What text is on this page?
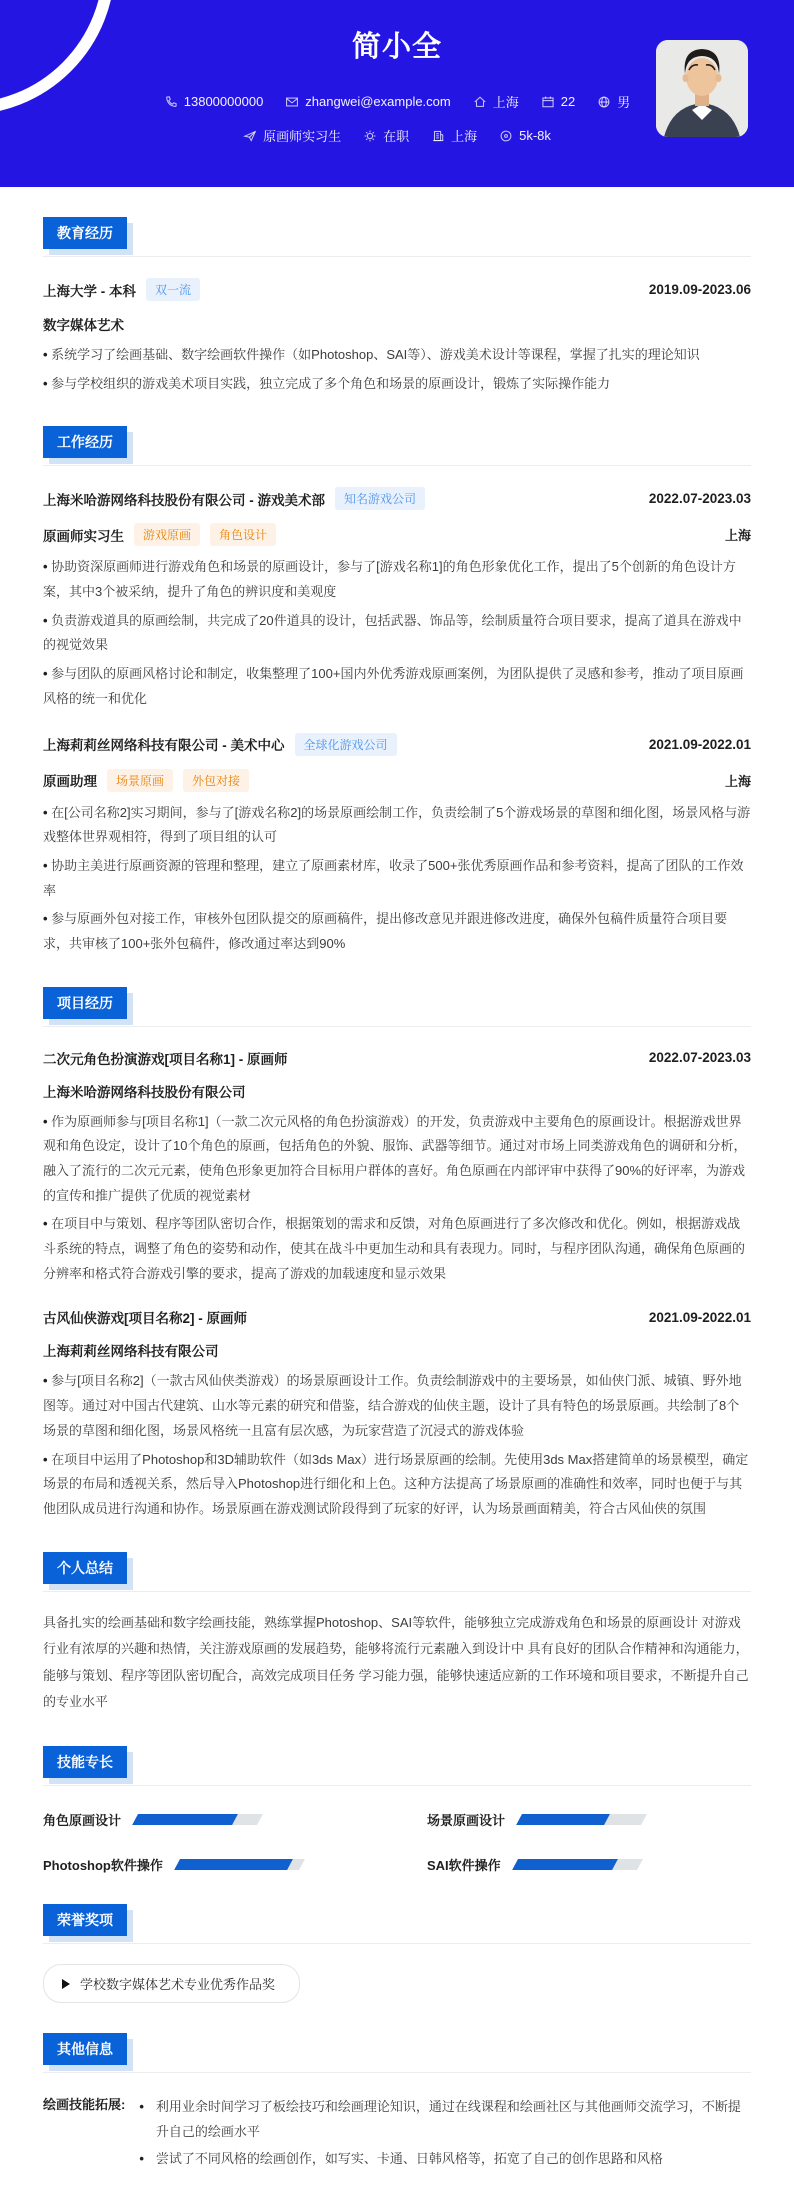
简小全
13800000000	zhangwei@example.com	上海	22	男
原画师实习生	在职	上海	5k-8k
教育经历
上海大学 - 本科	双一流	2019.09-2023.06
数字媒体艺术
• 系统学习了绘画基础、数字绘画软件操作（如Photoshop、SAI等）、游戏美术设计等课程，掌握了扎实的理论知识
• 参与学校组织的游戏美术项目实践，独立完成了多个角色和场景的原画设计，锻炼了实际操作能力
工作经历
上海米哈游网络科技股份有限公司 - 游戏美术部	知名游戏公司	2022.07-2023.03
原画师实习生	游戏原画	角色设计	上海
• 协助资深原画师进行游戏角色和场景的原画设计，参与了[游戏名称1]的角色形象优化工作，提出了5个创新的角色设计方案，其中3个被采纳，提升了角色的辨识度和美观度
• 负责游戏道具的原画绘制，共完成了20件道具的设计，包括武器、饰品等，绘制质量符合项目要求，提高了道具在游戏中的视觉效果
• 参与团队的原画风格讨论和制定，收集整理了100+国内外优秀游戏原画案例，为团队提供了灵感和参考，推动了项目原画风格的统一和优化
上海莉莉丝网络科技有限公司 - 美术中心	全球化游戏公司	2021.09-2022.01
原画助理	场景原画	外包对接	上海
• 在[公司名称2]实习期间，参与了[游戏名称2]的场景原画绘制工作，负责绘制了5个游戏场景的草图和细化图，场景风格与游戏整体世界观相符，得到了项目组的认可
• 协助主美进行原画资源的管理和整理，建立了原画素材库，收录了500+张优秀原画作品和参考资料，提高了团队的工作效率
• 参与原画外包对接工作，审核外包团队提交的原画稿件，提出修改意见并跟进修改进度，确保外包稿件质量符合项目要求，共审核了100+张外包稿件，修改通过率达到90%
项目经历
二次元角色扮演游戏[项目名称1] - 原画师	2022.07-2023.03
上海米哈游网络科技股份有限公司
• 作为原画师参与[项目名称1]（一款二次元风格的角色扮演游戏）的开发，负责游戏中主要角色的原画设计。根据游戏世界观和角色设定，设计了10个角色的原画，包括角色的外貌、服饰、武器等细节。通过对市场上同类游戏角色的调研和分析，融入了流行的二次元元素，使角色形象更加符合目标用户群体的喜好。角色原画在内部评审中获得了90%的好评率，为游戏的宣传和推广提供了优质的视觉素材
• 在项目中与策划、程序等团队密切合作，根据策划的需求和反馈，对角色原画进行了多次修改和优化。例如，根据游戏战斗系统的特点，调整了角色的姿势和动作，使其在战斗中更加生动和具有表现力。同时，与程序团队沟通，确保角色原画的分辨率和格式符合游戏引擎的要求，提高了游戏的加载速度和显示效果
古风仙侠游戏[项目名称2] - 原画师	2021.09-2022.01
上海莉莉丝网络科技有限公司
• 参与[项目名称2]（一款古风仙侠类游戏）的场景原画设计工作。负责绘制游戏中的主要场景，如仙侠门派、城镇、野外地图等。通过对中国古代建筑、山水等元素的研究和借鉴，结合游戏的仙侠主题，设计了具有特色的场景原画。共绘制了8个场景的草图和细化图，场景风格统一且富有层次感，为玩家营造了沉浸式的游戏体验
• 在项目中运用了Photoshop和3D辅助软件（如3ds Max）进行场景原画的绘制。先使用3ds Max搭建简单的场景模型，确定场景的布局和透视关系，然后导入Photoshop进行细化和上色。这种方法提高了场景原画的准确性和效率，同时也便于与其他团队成员进行沟通和协作。场景原画在游戏测试阶段得到了玩家的好评，认为场景画面精美，符合古风仙侠的氛围
个人总结
具备扎实的绘画基础和数字绘画技能，熟练掌握Photoshop、SAI等软件，能够独立完成游戏角色和场景的原画设计 对游戏行业有浓厚的兴趣和热情，关注游戏原画的发展趋势，能够将流行元素融入到设计中 具有良好的团队合作精神和沟通能力，能够与策划、程序等团队密切配合，高效完成项目任务 学习能力强，能够快速适应新的工作环境和项目要求，不断提升自己的专业水平
技能专长
角色原画设计	场景原画设计
Photoshop软件操作	SAI软件操作
荣誉奖项
学校数字媒体艺术专业优秀作品奖
其他信息
绘画技能拓展:	• 利用业余时间学习了板绘技巧和绘画理论知识，通过在线课程和绘画社区与其他画师交流学习，不断提升自己的绘画水平
• 尝试了不同风格的绘画创作，如写实、卡通、日韩风格等，拓宽了自己的创作思路和风格
